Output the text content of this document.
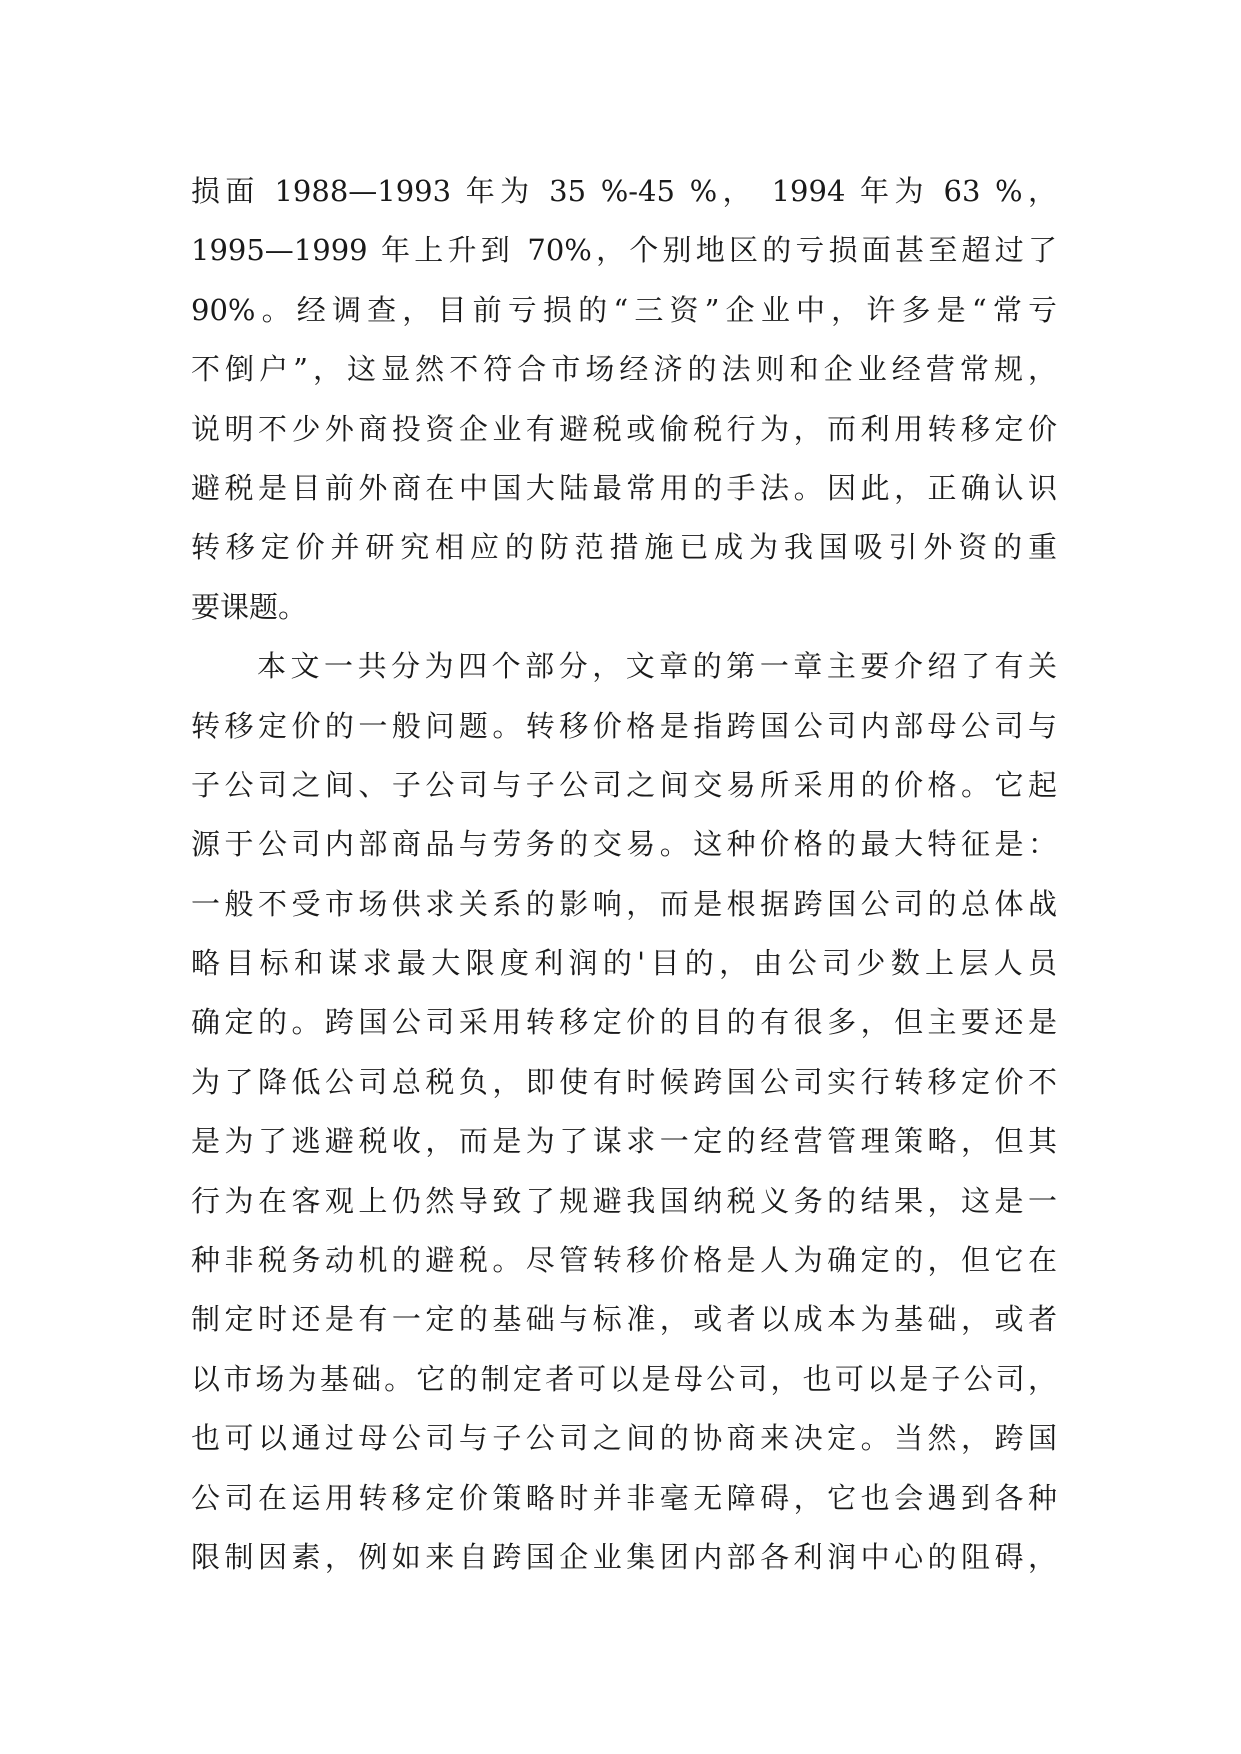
损面 1988—1993 年为 35 %-45 %， 1994 年为 63 %，
1995—1999 年上升到 70%，个别地区的亏损面甚至超过了
90%。经调查，目前亏损的“三资”企业中，许多是“常亏
不倒户”，这显然不符合市场经济的法则和企业经营常规，
说明不少外商投资企业有避税或偷税行为，而利用转移定价
避税是目前外商在中国大陆最常用的手法。因此，正确认识
转移定价并研究相应的防范措施已成为我国吸引外资的重
要课题。
本文一共分为四个部分，文章的第一章主要介绍了有关
转移定价的一般问题。转移价格是指跨国公司内部母公司与
子公司之间、子公司与子公司之间交易所采用的价格。它起
源于公司内部商品与劳务的交易。这种价格的最大特征是：
一般不受市场供求关系的影响，而是根据跨国公司的总体战
略目标和谋求最大限度利润的'目的，由公司少数上层人员
确定的。跨国公司采用转移定价的目的有很多，但主要还是
为了降低公司总税负，即使有时候跨国公司实行转移定价不
是为了逃避税收，而是为了谋求一定的经营管理策略，但其
行为在客观上仍然导致了规避我国纳税义务的结果，这是一
种非税务动机的避税。尽管转移价格是人为确定的，但它在
制定时还是有一定的基础与标准，或者以成本为基础，或者
以市场为基础。它的制定者可以是母公司，也可以是子公司，
也可以通过母公司与子公司之间的协商来决定。当然，跨国
公司在运用转移定价策略时并非毫无障碍，它也会遇到各种
限制因素，例如来自跨国企业集团内部各利润中心的阻碍，
